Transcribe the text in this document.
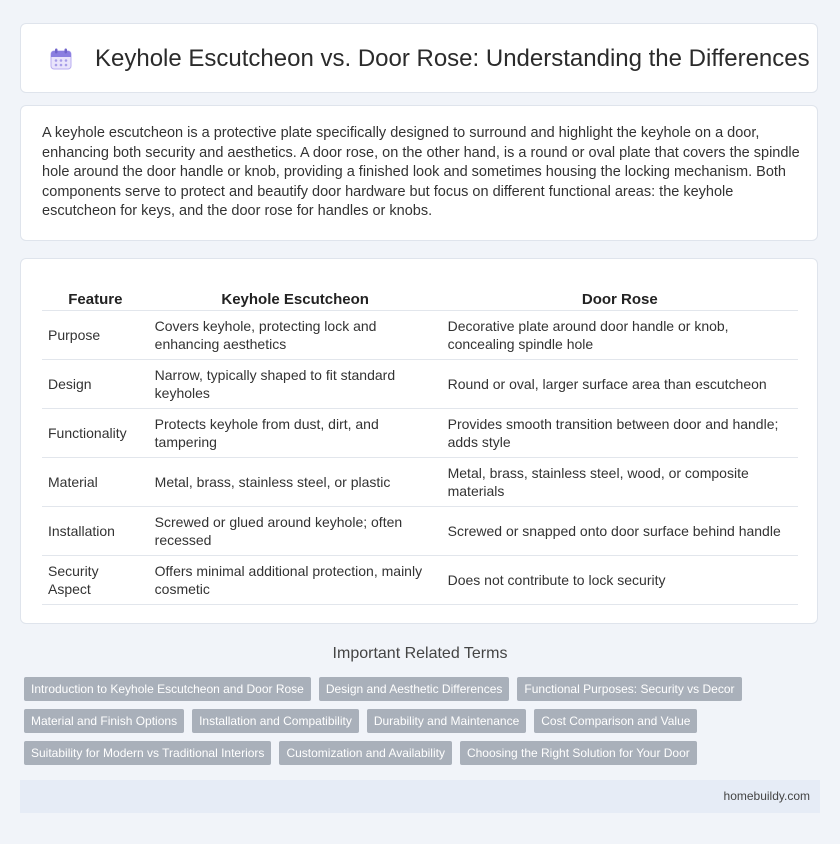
Keyhole Escutcheon vs. Door Rose: Understanding the Differences

A keyhole escutcheon is a protective plate specifically designed to surround and highlight the keyhole on a door, enhancing both security and aesthetics. A door rose, on the other hand, is a round or oval plate that covers the spindle hole around the door handle or knob, providing a finished look and sometimes housing the locking mechanism. Both components serve to protect and beautify door hardware but focus on different functional areas: the keyhole escutcheon for keys, and the door rose for handles or knobs.

Feature	Keyhole Escutcheon	Door Rose
Purpose	Covers keyhole, protecting lock and enhancing aesthetics	Decorative plate around door handle or knob, concealing spindle hole
Design	Narrow, typically shaped to fit standard keyholes	Round or oval, larger surface area than escutcheon
Functionality	Protects keyhole from dust, dirt, and tampering	Provides smooth transition between door and handle; adds style
Material	Metal, brass, stainless steel, or plastic	Metal, brass, stainless steel, wood, or composite materials
Installation	Screwed or glued around keyhole; often recessed	Screwed or snapped onto door surface behind handle
Security Aspect	Offers minimal additional protection, mainly cosmetic	Does not contribute to lock security
Important Related Terms
Introduction to Keyhole Escutcheon and Door Rose	Design and Aesthetic Differences	Functional Purposes: Security vs Decor
Material and Finish Options	Installation and Compatibility	Durability and Maintenance	Cost Comparison and Value
Suitability for Modern vs Traditional Interiors	Customization and Availability	Choosing the Right Solution for Your Door
homebuildy.com
